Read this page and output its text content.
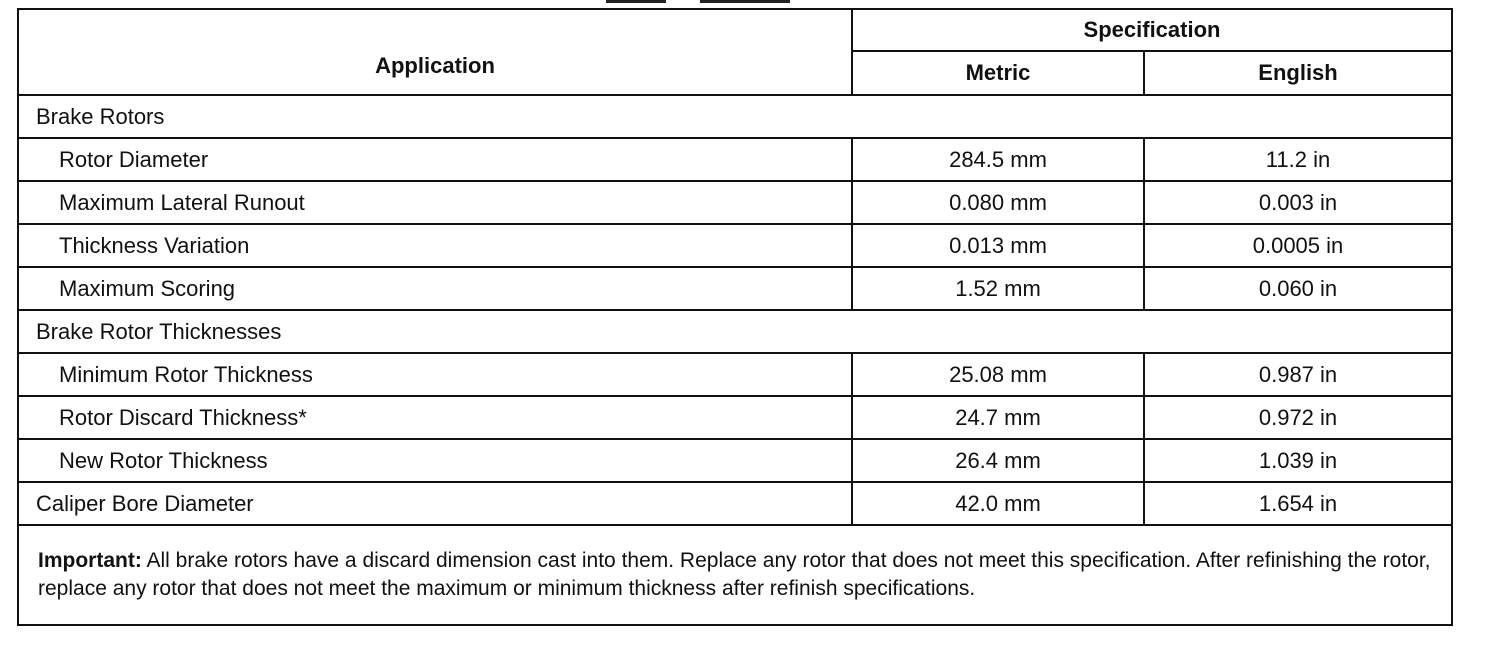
Application	Specification	
	Metric	English
Brake Rotors		
Rotor Diameter	284.5 mm	11.2 in
Maximum Lateral Runout	0.080 mm	0.003 in
Thickness Variation	0.013 mm	0.0005 in
Maximum Scoring	1.52 mm	0.060 in
Brake Rotor Thicknesses		
Minimum Rotor Thickness	25.08 mm	0.987 in
Rotor Discard Thickness*	24.7 mm	0.972 in
New Rotor Thickness	26.4 mm	1.039 in
Caliper Bore Diameter	42.0 mm	1.654 in
Important: All brake rotors have a discard dimension cast into them. Replace any rotor that does not meet this specification. After refinishing the rotor, replace any rotor that does not meet the maximum or minimum thickness after refinish specifications.		
